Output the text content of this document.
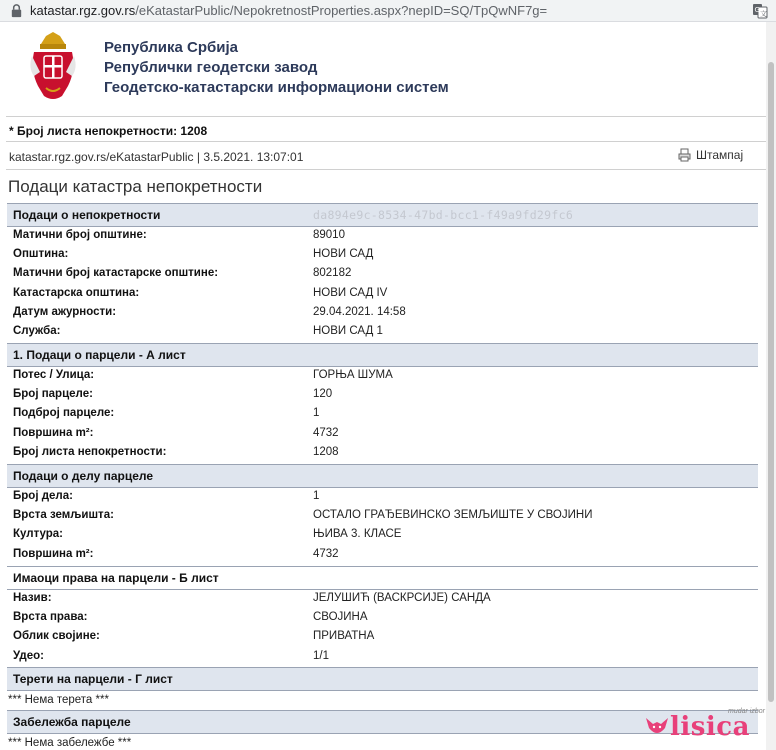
katastar.rgz.gov.rs/eKatastarPublic/NepokretnostProperties.aspx?nepID=SQ/TpQwNF7g=	文
G
Република Србија
Републички геодетски завод
Геодетско-катастарски информациони систем
* Број листа непокретности: 1208
katastar.rgz.gov.rs/eKatastarPublic | 3.5.2021. 13:07:01	Штампај
Подаци катастра непокретности
Подаци о непокретности	da894e9c-8534-47bd-bcc1-f49a9fd29fc6
Матични број општине:	89010
Општина:	НОВИ САД
Матични број катастарске општине:	802182
Катастарска општина:	НОВИ САД IV
Датум ажурности:	29.04.2021. 14:58
Служба:	НОВИ САД 1
1. Подаци о парцели - А лист
Потес / Улица:	ГОРЊА ШУМА
Број парцеле:	120
Подброј парцеле:	1
Површина m²:	4732
Број листа непокретности:	1208
Подаци о делу парцеле
Број дела:	1
Врста земљишта:	ОСТАЛО ГРАЂЕВИНСКО ЗЕМЉИШТЕ У СВОЈИНИ
Култура:	ЊИВА 3. КЛАСЕ
Површина m²:	4732
Имаоци права на парцели - Б лист
Назив:	ЈЕЛУШИЋ (ВАСКРСИЈЕ) САНДА
Врста права:	СВОЈИНА
Облик својине:	ПРИВАТНА
Удео:	1/1
Терети на парцели - Г лист
*** Нема терета ***
Забележба парцеле
*** Нема забележбе ***
lisica
mudar izbor
